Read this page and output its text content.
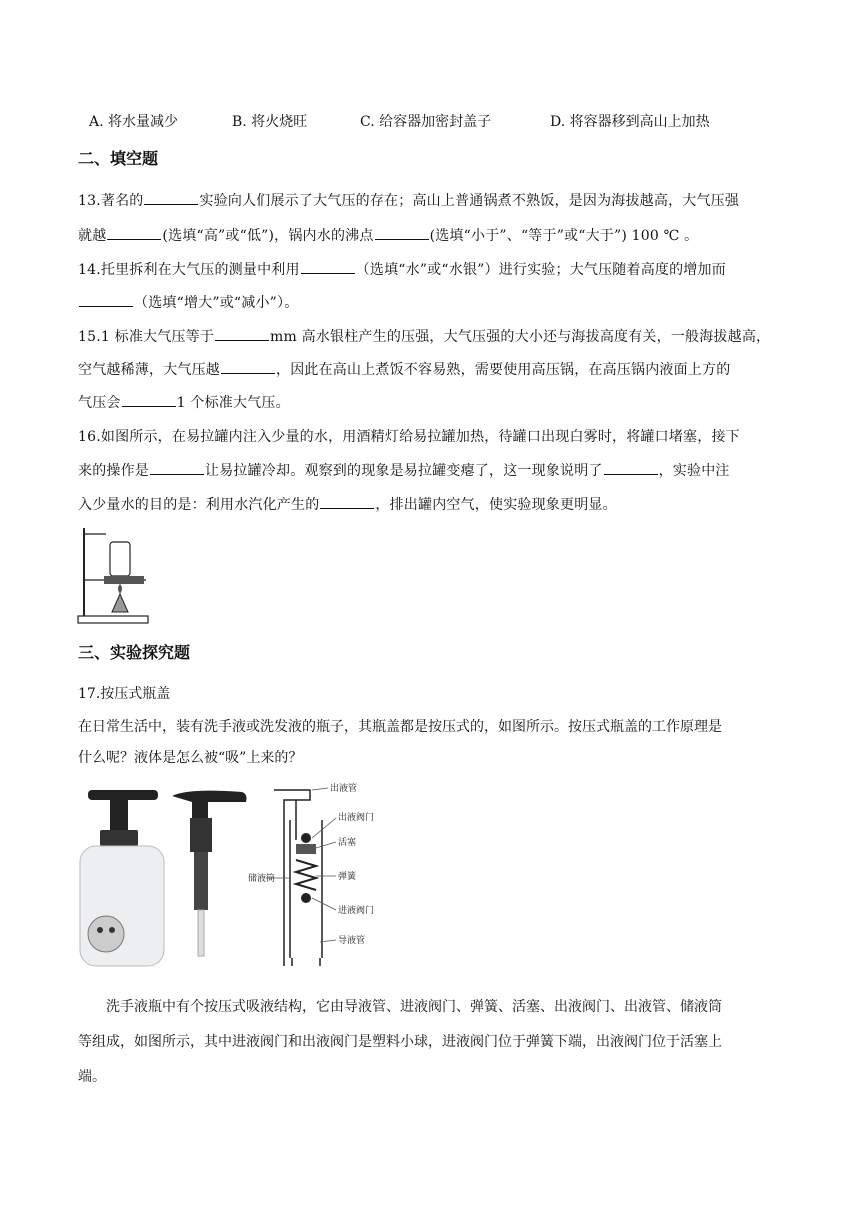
A. 将水量减少	B. 将火烧旺	C. 给容器加密封盖子	D. 将容器移到高山上加热
二、填空题
13.著名的	实验向人们展示了大气压的存在；高山上普通锅煮不熟饭，是因为海拔越高，大气压强
就越	(选填“高”或“低”)，锅内水的沸点	(选填“小于”、“等于”或“大于”) 100 ℃ 。
14.托里拆利在大气压的测量中利用	（选填“水”或“水银”）进行实验；大气压随着高度的增加而
（选填“增大”或“减小”）。
15.1 标准大气压等于	mm 高水银柱产生的压强，大气压强的大小还与海拔高度有关，一般海拔越高，
空气越稀薄，大气压越	，因此在高山上煮饭不容易熟，需要使用高压锅，在高压锅内液面上方的
气压会	1 个标准大气压。
16.如图所示，在易拉罐内注入少量的水，用酒精灯给易拉罐加热，待罐口出现白雾时，将罐口堵塞，接下
来的操作是	让易拉罐冷却。观察到的现象是易拉罐变瘪了，这一现象说明了	，实验中注
入少量水的目的是：利用水汽化产生的	，排出罐内空气，使实验现象更明显。
三、实验探究题
17.按压式瓶盖
在日常生活中，装有洗手液或洗发液的瓶子，其瓶盖都是按压式的，如图所示。按压式瓶盖的工作原理是
什么呢？液体是怎么被“吸”上来的？
出液管
出液阀门
活塞
储液筒	弹簧
进液阀门
导液管
洗手液瓶中有个按压式吸液结构，它由导液管、进液阀门、弹簧、活塞、出液阀门、出液管、储液筒
等组成，如图所示，其中进液阀门和出液阀门是塑料小球，进液阀门位于弹簧下端，出液阀门位于活塞上
端。
